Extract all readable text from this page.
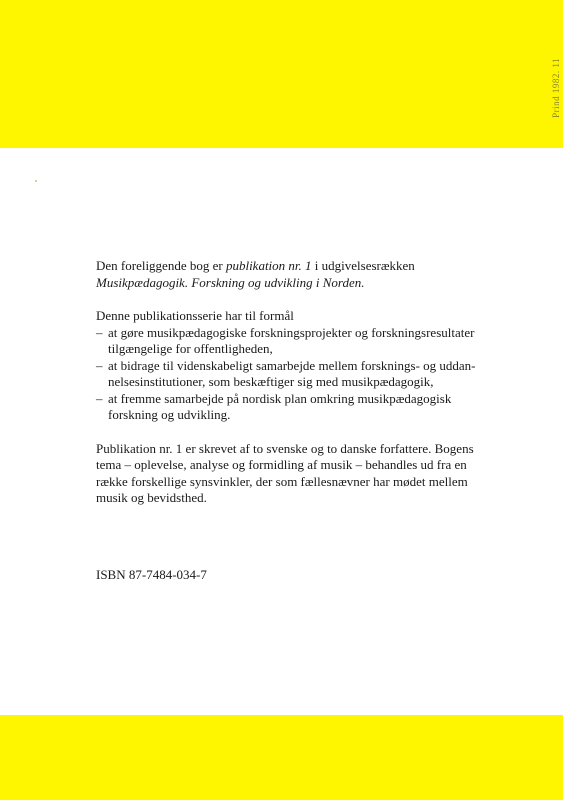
Prind 1982. 11

Den foreliggende bog er publikation nr. 1 i udgivelsesrækken

Musikpædagogik. Forskning og udvikling i Norden.

Denne publikationsserie har til formål

– at gøre musikpædagogiske forskningsprojekter og forskningsresultater

tilgængelige for offentligheden,

– at bidrage til videnskabeligt samarbejde mellem forsknings- og uddan-

nelsesinstitutioner, som beskæftiger sig med musikpædagogik,

– at fremme samarbejde på nordisk plan omkring musikpædagogisk

forskning og udvikling.

Publikation nr. 1 er skrevet af to svenske og to danske forfattere. Bogens

tema – oplevelse, analyse og formidling af musik – behandles ud fra en

række forskellige synsvinkler, der som fællesnævner har mødet mellem

musik og bevidsthed.

ISBN 87-7484-034-7
